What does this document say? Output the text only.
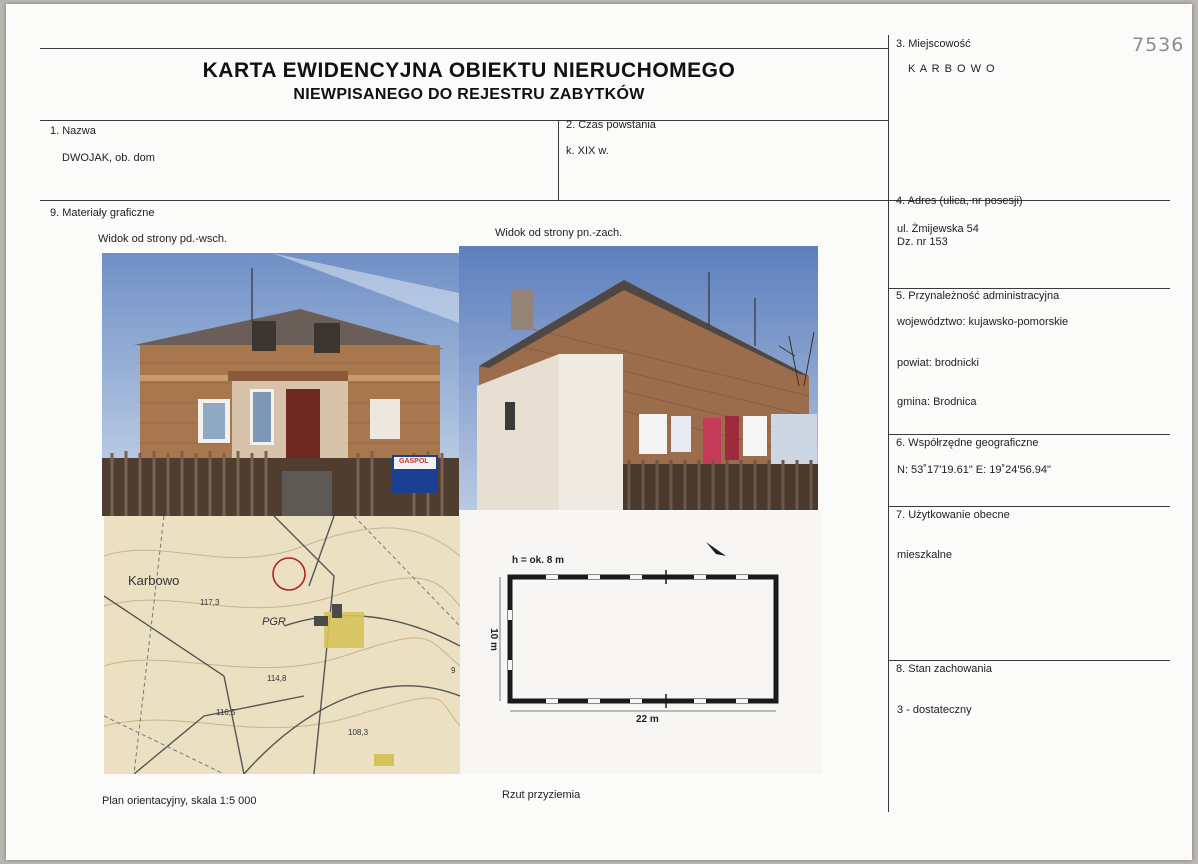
7536
KARTA EWIDENCYJNA OBIEKTU NIERUCHOMEGO
NIEWPISANEGO DO REJESTRU ZABYTKÓW
1. Nazwa
DWOJAK, ob. dom
2. Czas powstania
k. XIX w.
3. Miejscowość
K A R B O W O
4. Adres (ulica, nr posesji)
ul. Żmijewska 54
Dz. nr 153
5. Przynależność administracyjna
województwo: kujawsko-pomorskie
powiat: brodnicki
gmina: Brodnica
6. Współrzędne geograficzne
N: 53˚17'19.61" E: 19˚24'56.94"
7. Użytkowanie obecne
mieszkalne
8. Stan zachowania
3 - dostateczny
9. Materiały graficzne
Widok od strony pd.-wsch.	Widok od strony pn.-zach.
GASPOL
Karbowo
PGR
117,3
114,8
116,5
108,3
9
h = ok. 8 m
22 m
10 m
Plan orientacyjny, skala 1:5 000	Rzut przyziemia
